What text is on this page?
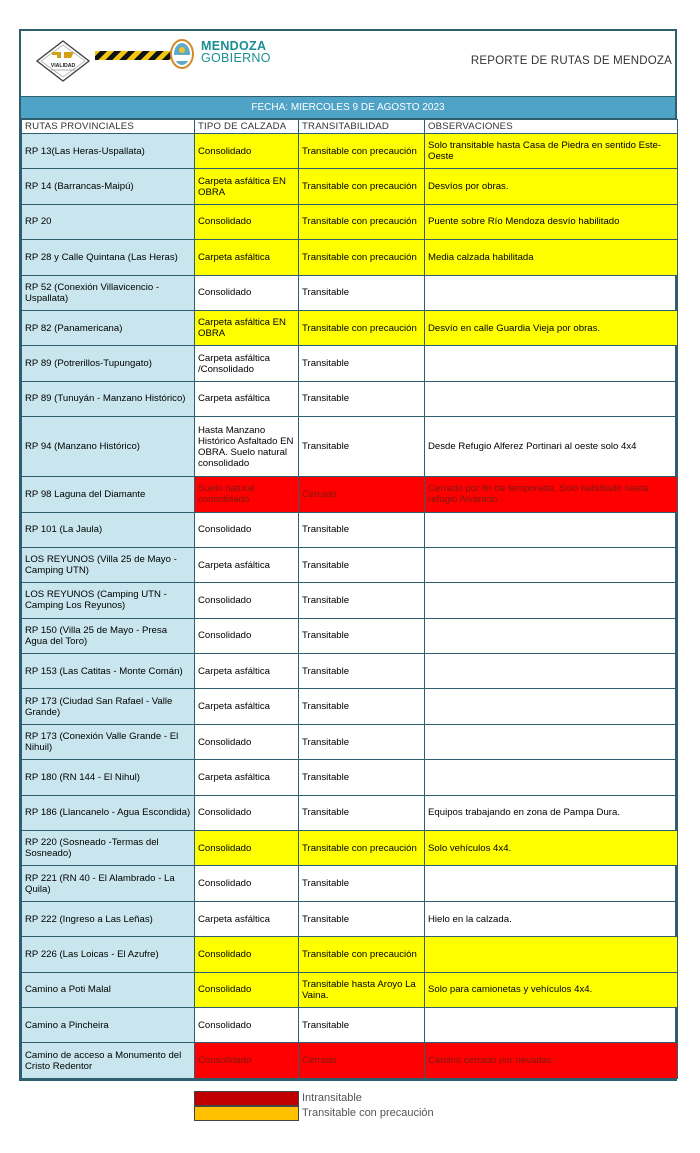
VIALIDAD
MENDOZA
GOBIERNO	REPORTE DE RUTAS DE MENDOZA
FECHA: MIERCOLES 9 DE AGOSTO 2023
RUTAS PROVINCIALES	TIPO DE CALZADA	TRANSITABILIDAD	OBSERVACIONES
RP 13(Las Heras-Uspallata)	Consolidado	Transitable con precaución	Solo transitable hasta Casa de Piedra en sentido Este-Oeste
RP 14 (Barrancas-Maipú)	Carpeta asfáltica EN OBRA	Transitable con precaución	Desvíos por obras.
RP 20	Consolidado	Transitable con precaución	Puente sobre Río Mendoza desvío habilitado
RP 28 y Calle Quintana (Las Heras)	Carpeta asfáltica	Transitable con precaución	Media calzada habilitada
RP 52 (Conexión Villavicencio - Uspallata)	Consolidado	Transitable	
RP 82 (Panamericana)	Carpeta asfáltica EN OBRA	Transitable con precaución	Desvío en calle Guardia Vieja por obras.
RP 89 (Potrerillos-Tupungato)	Carpeta asfáltica /Consolidado	Transitable	
RP 89 (Tunuyán - Manzano Histórico)	Carpeta asfáltica	Transitable	
RP 94 (Manzano Histórico)	Hasta Manzano Histórico Asfaltado EN OBRA. Suelo natural consolidado	Transitable	Desde Refugio Alferez Portinari al oeste solo 4x4
RP 98 Laguna del Diamante	Suelo natural consolidado	Cerrado	Cerrado por fin de temporada. Solo habilitado hasta refugio Alvarado.
RP 101 (La Jaula)	Consolidado	Transitable	
LOS REYUNOS (Villa 25 de Mayo - Camping UTN)	Carpeta asfáltica	Transitable	
LOS REYUNOS (Camping UTN - Camping Los Reyunos)	Consolidado	Transitable	
RP 150 (Villa 25 de Mayo - Presa Agua del Toro)	Consolidado	Transitable	
RP 153 (Las Catitas - Monte Comán)	Carpeta asfáltica	Transitable	
RP 173 (Ciudad San Rafael - Valle Grande)	Carpeta asfáltica	Transitable	
RP 173 (Conexión Valle Grande - El Nihuil)	Consolidado	Transitable	
RP 180 (RN 144 - El Nihul)	Carpeta asfáltica	Transitable	
RP 186 (Llancanelo - Agua Escondida)	Consolidado	Transitable	Equipos trabajando en zona de Pampa Dura.
RP 220 (Sosneado -Termas del Sosneado)	Consolidado	Transitable con precaución	Solo vehículos 4x4.
RP 221 (RN 40 - El Alambrado - La Quila)	Consolidado	Transitable	
RP 222 (Ingreso a Las Leñas)	Carpeta asfáltica	Transitable	Hielo en la calzada.
RP 226 (Las Loicas - El Azufre)	Consolidado	Transitable con precaución	
Camino a Poti Malal	Consolidado	Transitable hasta Aroyo La Vaina.	Solo para camionetas y vehículos 4x4.
Camino a Pincheira	Consolidado	Transitable	
Camino de acceso a Monumento del Cristo Redentor	Consolidado	Cerrado	Camino cerrado por nevadas.
Intransitable
Transitable con precaución
